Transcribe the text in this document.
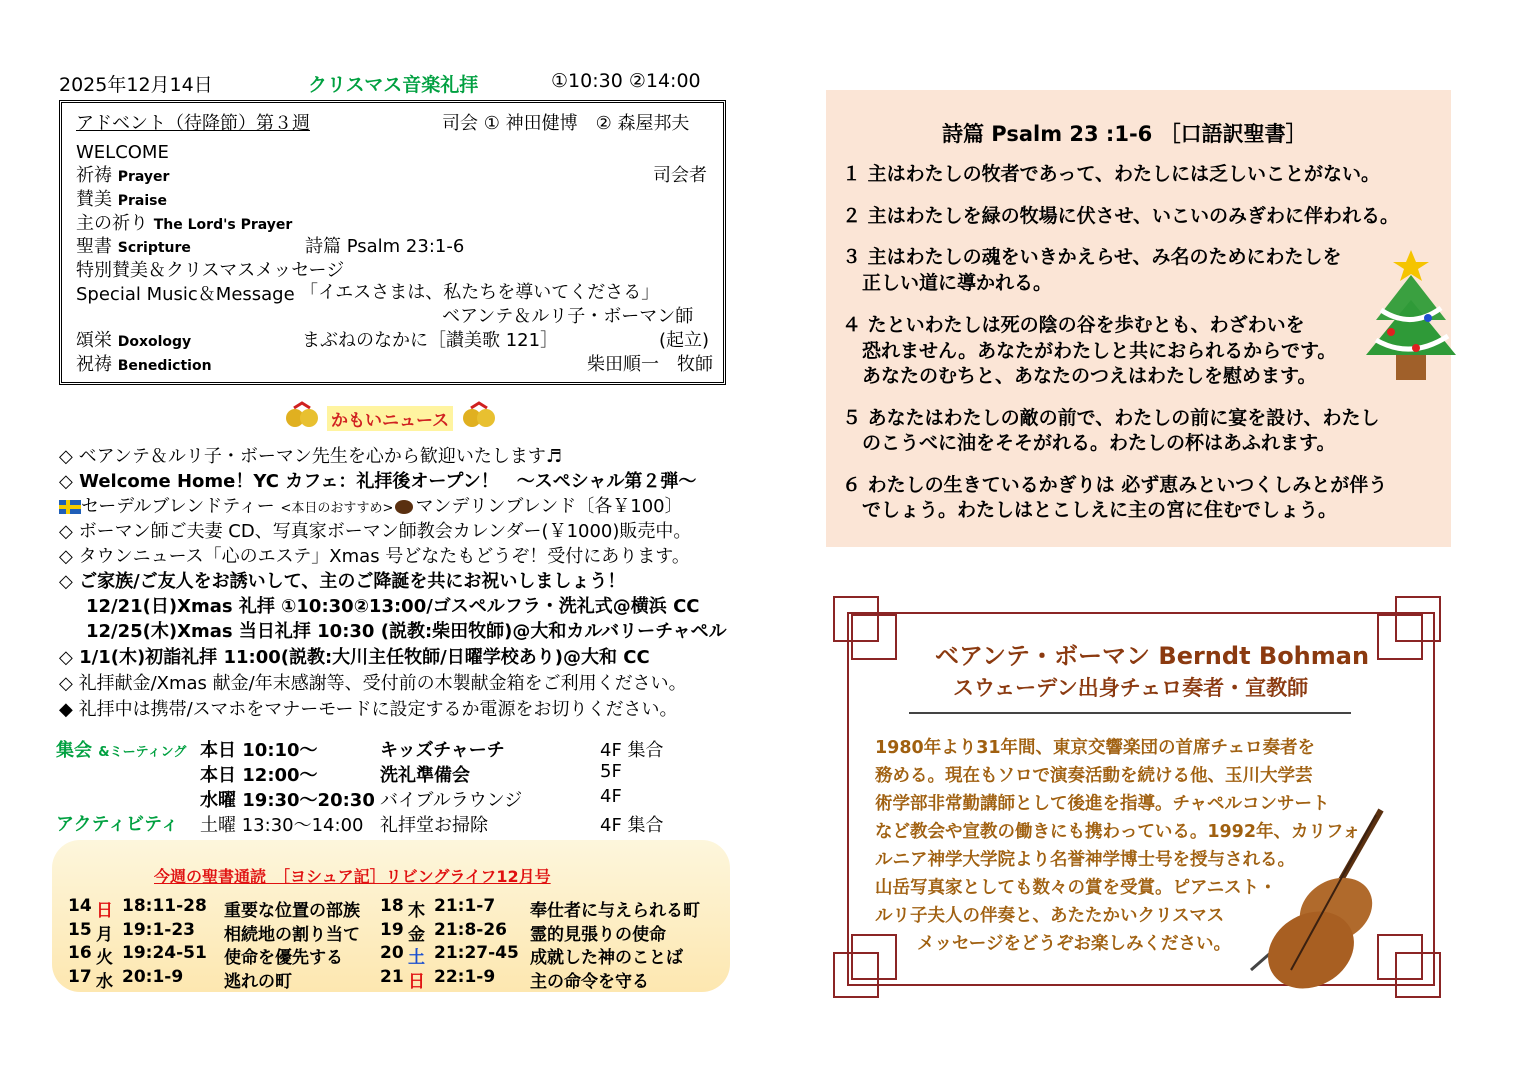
2025年12月14日	クリスマス音楽礼拝	①10:30 ②14:00
アドベント（待降節）第３週	司会 ① 神田健博　② 森屋邦夫
WELCOME
祈祷 Prayer	司会者
賛美 Praise
主の祈り The Lord's Prayer
聖書 Scripture	詩篇 Psalm 23:1-6
特別賛美＆クリスマスメッセージ
Special Music＆Message 「イエスさまは、私たちを導いてくださる」
ベアンテ＆ルリ子・ボーマン師
頌栄 Doxology	まぶねのなかに［讃美歌 121］	(起立)
祝祷 Benediction	柴田順一　牧師
かもいニュース
◇ ベアンテ＆ルリ子・ボーマン先生を心から歓迎いたします♬
◇ Welcome Home！YC カフェ：礼拝後オープン！　～スペシャル第２弾～
セーデルブレンドティー <本日のおすすめ> マンデリンブレンド〔各￥100〕
◇ ボーマン師ご夫妻 CD、写真家ボーマン師教会カレンダー(￥1000)販売中。
◇ タウンニュース「心のエステ」Xmas 号どなたもどうぞ！受付にあります。
◇ ご家族/ご友人をお誘いして、主のご降誕を共にお祝いしましょう！
12/21(日)Xmas 礼拝 ①10:30②13:00/ゴスペルフラ・洗礼式@横浜 CC
12/25(木)Xmas 当日礼拝 10:30 (説教:柴田牧師)@大和カルバリーチャペル
◇ 1/1(木)初詣礼拝 11:00(説教:大川主任牧師/日曜学校あり)@大和 CC
◇ 礼拝献金/Xmas 献金/年末感謝等、受付前の木製献金箱をご利用ください。
◆ 礼拝中は携帯/スマホをマナーモードに設定するか電源をお切りください。
集会 &ミーティング
アクティビティ
本日 10:10～	キッズチャーチ	4F 集合
本日 12:00～	洗礼準備会	5F
水曜 19:30～20:30 バイブルラウンジ	4F
土曜 13:30～14:00 礼拝堂お掃除	4F 集合
今週の聖書通読　［ヨシュア記］リビングライフ12月号
14 日 18:11-28 重要な位置の部族 18 木 21:1-7 奉仕者に与えられる町
15 月 19:1-23 相続地の割り当て 19 金 21:8-26 霊的見張りの使命
16 火 19:24-51 使命を優先する 20 土 21:27-45 成就した神のことば
17 水 20:1-9 逃れの町	21 日 22:1-9 主の命令を守る
詩篇 Psalm 23 :1-6 ［口語訳聖書］
１ 主はわたしの牧者であって、わたしには乏しいことがない。
２ 主はわたしを緑の牧場に伏させ、いこいのみぎわに伴われる。
３ 主はわたしの魂をいきかえらせ、み名のためにわたしを
正しい道に導かれる。
４ たといわたしは死の陰の谷を歩むとも、わざわいを
恐れません。あなたがわたしと共におられるからです。
あなたのむちと、あなたのつえはわたしを慰めます。
５ あなたはわたしの敵の前で、わたしの前に宴を設け、わたし
のこうべに油をそそがれる。わたしの杯はあふれます。
６ わたしの生きているかぎりは 必ず恵みといつくしみとが伴う
でしょう。わたしはとこしえに主の宮に住むでしょう。
ベアンテ・ボーマン Berndt Bohman
スウェーデン出身チェロ奏者・宣教師
1980年より31年間、東京交響楽団の首席チェロ奏者を
務める。現在もソロで演奏活動を続ける他、玉川大学芸
術学部非常勤講師として後進を指導。チャペルコンサート
など教会や宣教の働きにも携わっている。1992年、カリフォ
ルニア神学大学院より名誉神学博士号を授与される。
山岳写真家としても数々の賞を受賞。ピアニスト・
ルリ子夫人の伴奏と、あたたかいクリスマス
メッセージをどうぞお楽しみください。
